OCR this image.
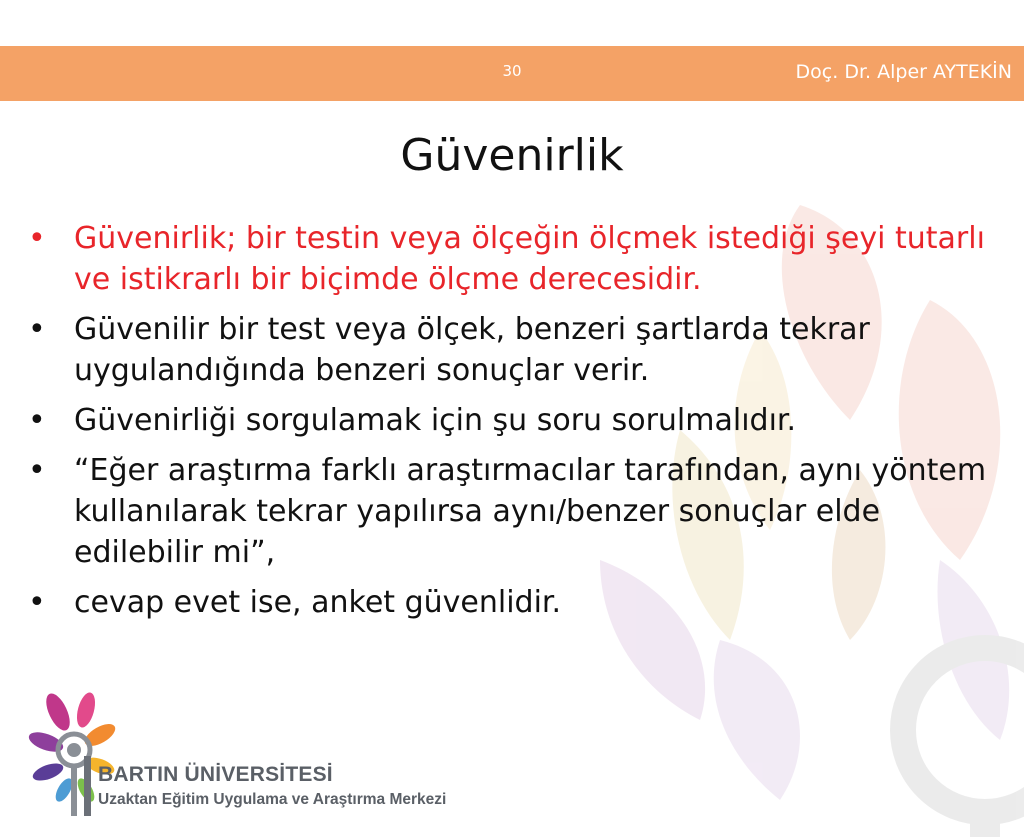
30	Doç. Dr. Alper AYTEKİN
Güvenirlik
• Güvenirlik; bir testin veya ölçeğin ölçmek istediği şeyi tutarlı ve istikrarlı bir biçimde ölçme derecesidir.
• Güvenilir bir test veya ölçek, benzeri şartlarda tekrar uygulandığında benzeri sonuçlar verir.
• Güvenirliği sorgulamak için şu soru sorulmalıdır.
• “Eğer araştırma farklı araştırmacılar tarafından, aynı yöntem kullanılarak tekrar yapılırsa aynı/benzer sonuçlar elde edilebilir mi”,
• cevap evet ise, anket güvenlidir.
BARTIN ÜNİVERSİTESİ
Uzaktan Eğitim Uygulama ve Araştırma Merkezi
